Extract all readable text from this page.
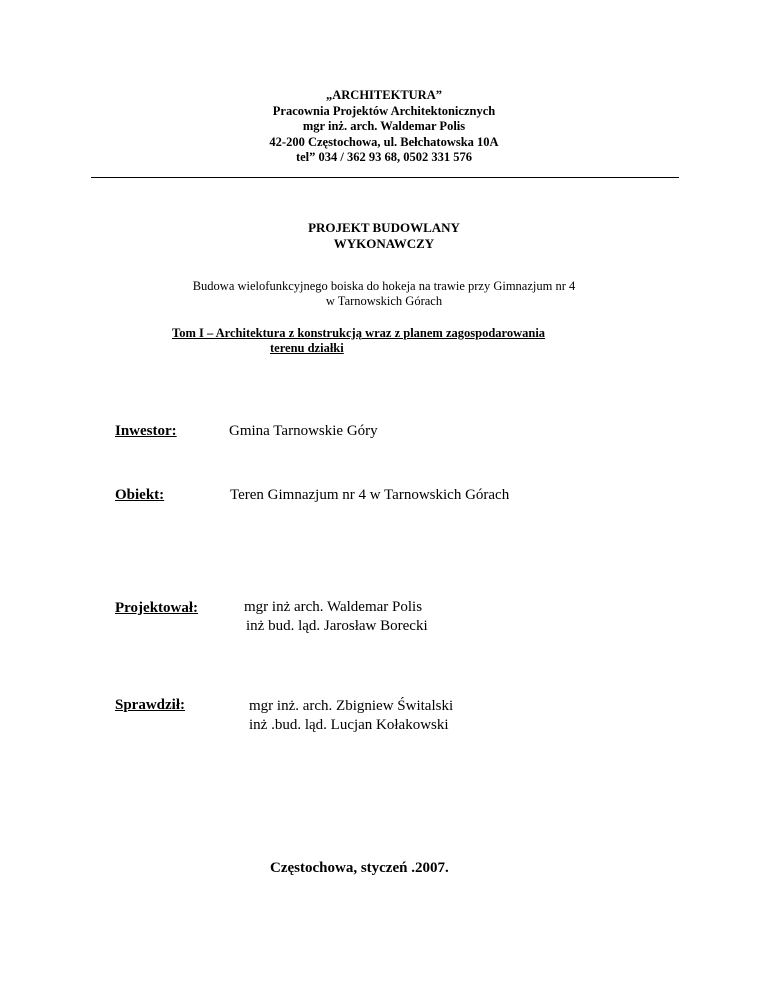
„ARCHITEKTURA”
Pracownia Projektów Architektonicznych
mgr inż. arch. Waldemar Polis
42-200 Częstochowa, ul. Bełchatowska 10A
tel” 034 / 362 93 68, 0502 331 576
PROJEKT BUDOWLANY
WYKONAWCZY
Budowa wielofunkcyjnego boiska do hokeja na trawie przy Gimnazjum nr 4
w Tarnowskich Górach
Tom I – Architektura z konstrukcją wraz z planem zagospodarowania
terenu działki
Inwestor:	Gmina Tarnowskie Góry
Obiekt:	Teren Gimnazjum nr 4 w Tarnowskich Górach
Projektował:	mgr inż arch. Waldemar Polis
inż bud. ląd. Jarosław Borecki
Sprawdził:	mgr inż. arch. Zbigniew Świtalski
inż .bud. ląd. Lucjan Kołakowski
Częstochowa, styczeń .2007.
